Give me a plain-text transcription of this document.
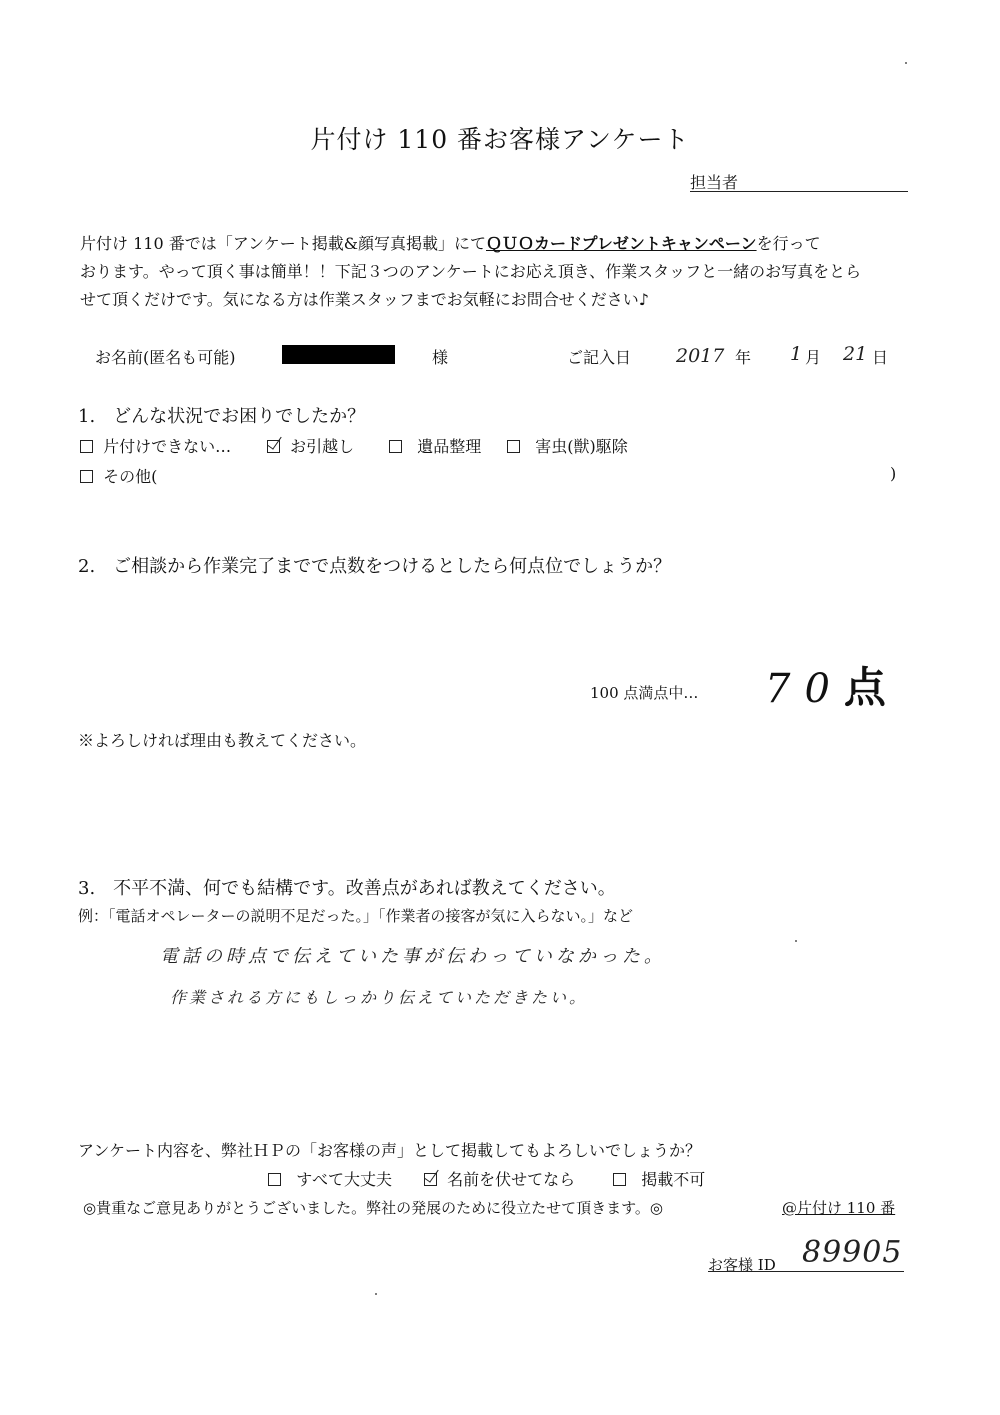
片付け 110 番お客様アンケート
担当者
片付け 110 番では「アンケート掲載&顔写真掲載」にてＱＵＯカードプレゼントキャンペーンを行って
おります。やって頂く事は簡単！！下記３つのアンケートにお応え頂き、作業スタッフと一緒のお写真をとら
せて頂くだけです。気になる方は作業スタッフまでお気軽にお問合せください♪
お名前(匿名も可能)	様	ご記入日 2017 年 1 月 21 日
1.　どんな状況でお困りでしたか？
片付けできない…	お引越し	遺品整理	害虫(獣)駆除
その他(	)
2.　ご相談から作業完了までで点数をつけるとしたら何点位でしょうか？
100 点満点中… 70点
※よろしければ理由も教えてください。
3.　不平不満、何でも結構です。改善点があれば教えてください。
例：「電話オペレーターの説明不足だった。」「作業者の接客が気に入らない。」など
電話の時点で伝えていた事が伝わっていなかった。
作業される方にもしっかり伝えていただきたい。
アンケート内容を、弊社ＨＰの「お客様の声」として掲載してもよろしいでしょうか？
すべて大丈夫	名前を伏せてなら	掲載不可
◎貴重なご意見ありがとうございました。弊社の発展のために役立たせて頂きます。◎	@片付け 110 番
お客様 ID 89905
